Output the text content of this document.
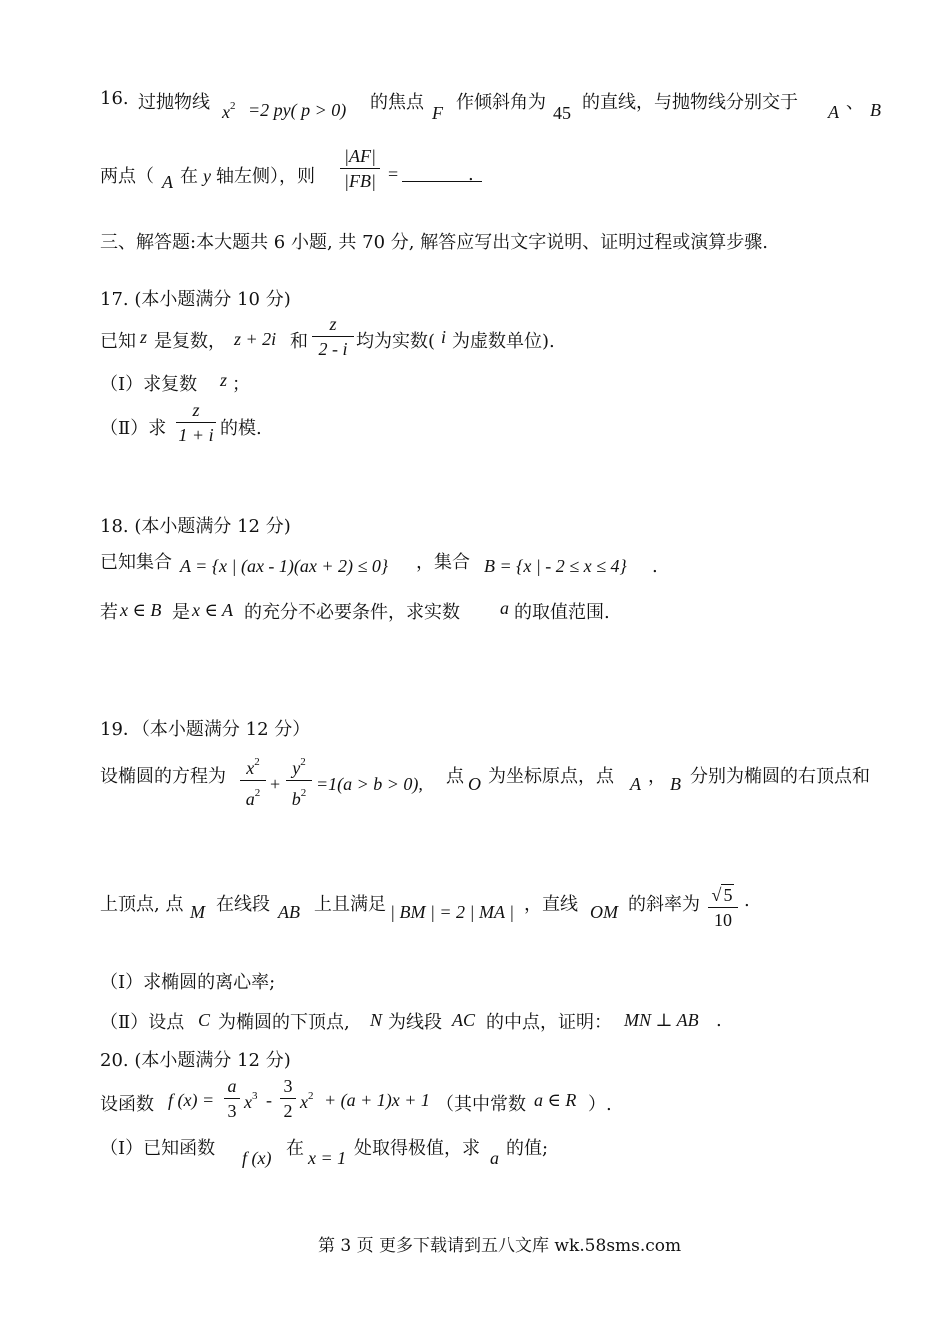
16. 过抛物线 $x^2 =2$ py( p > 0) 的焦点 F 作倾斜角为 45 的直线，与抛物线分别交于 A 、 B
两点（ A 在 y 轴左侧），则
|AF|
|FB| =	.
三、解答题:本大题共 6 小题, 共 70 分, 解答应写出文字说明、证明过程或演算步骤.
17. (本小题满分 10 分)
已知 z 是复数， z + 2i 和
z
2 - i 均为实数( i 为虚数单位).
（Ⅰ）求复数 z ；
（Ⅱ）求
z
1 + i 的模.
18. (本小题满分 12 分)
已知集合 A = {x | (ax - 1)(ax + 2) ≤ 0} ，集合 B = {x | - 2 ≤ x ≤ 4} .
若 x ∈ B 是 x ∈ A 的充分不必要条件，求实数 a 的取值范围.
19．（本小题满分 12 分）
设椭圆的方程为 $x^2$
$a^2$ +
$y^2$
$b^2 =1(a > b > 0)$, 点 O 为坐标原点，点 A ， B 分别为椭圆的右顶点和
上顶点, 点 M 在线段 AB 上且满足 | BM | = 2 | MA | ，直线 OM 的斜率为 √ 5
10
.
（Ⅰ）求椭圆的离心率;
（Ⅱ）设点 C 为椭圆的下顶点, N 为线段 AC 的中点，证明： MN ⊥ AB .
20. (本小题满分 12 分)
设函数 f (x) =
a
3 $x^3$ -
3
2 $x^2 + (a + 1)x + 1$ （其中常数 a ∈ R ）.
（Ⅰ）已知函数 f (x) 在 x = 1 处取得极值，求 a 的值;
第 3 页 更多下载请到五八文库 wk.58sms.com
